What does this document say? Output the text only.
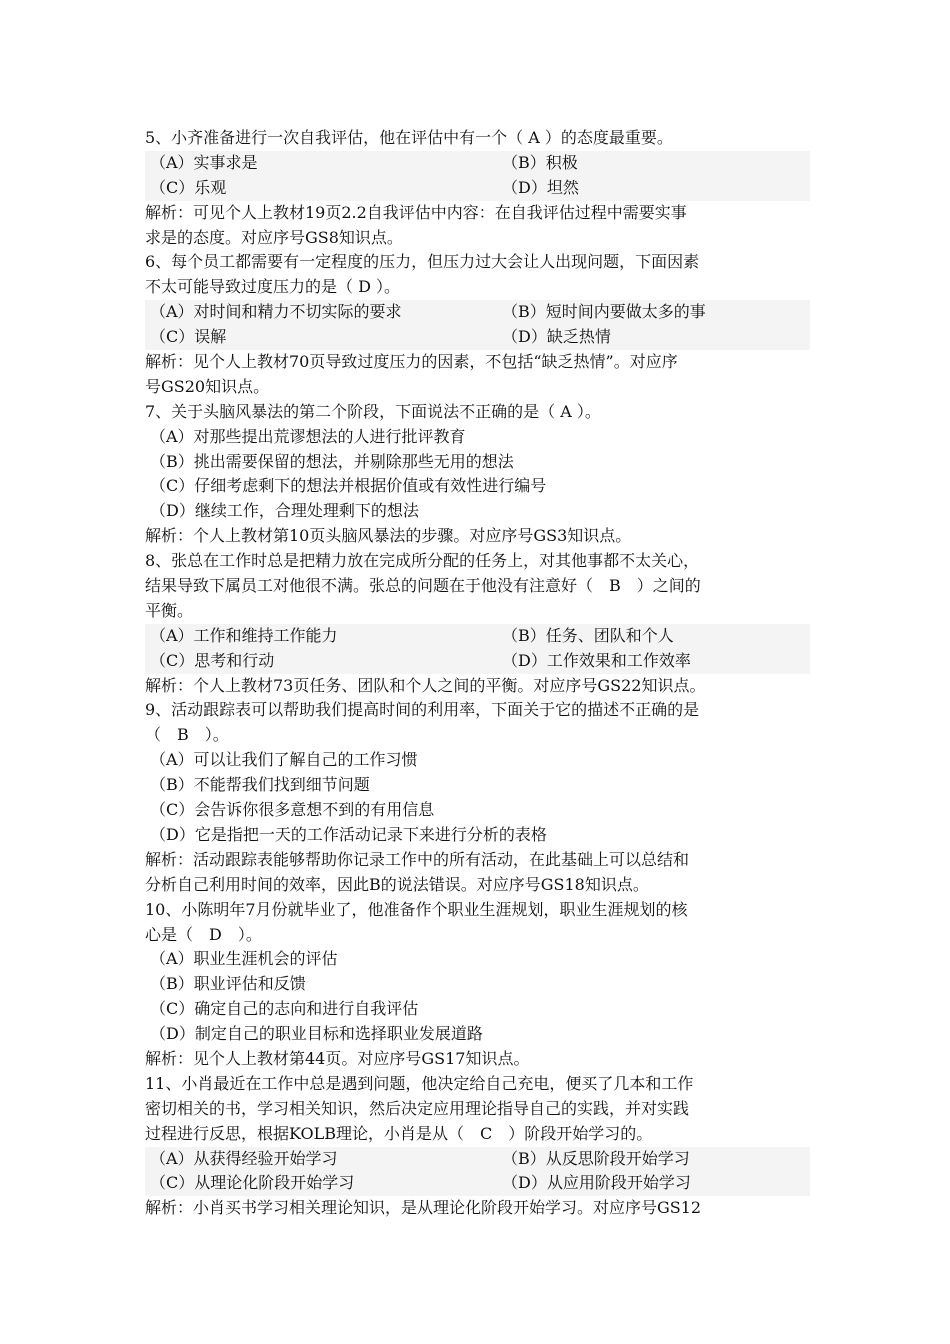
5、小齐准备进行一次自我评估，他在评估中有一个（ A ）的态度最重要。
（A）实事求是	（B）积极
（C）乐观	（D）坦然
解析：可见个人上教材19页2.2自我评估中内容：在自我评估过程中需要实事
求是的态度。对应序号GS8知识点。
6、每个员工都需要有一定程度的压力，但压力过大会让人出现问题，下面因素
不太可能导致过度压力的是（ D ）。
（A）对时间和精力不切实际的要求	（B）短时间内要做太多的事
（C）误解	（D）缺乏热情
解析：见个人上教材70页导致过度压力的因素，不包括“缺乏热情”。对应序
号GS20知识点。
7、关于头脑风暴法的第二个阶段，下面说法不正确的是（ A ）。
（A）对那些提出荒谬想法的人进行批评教育
（B）挑出需要保留的想法，并剔除那些无用的想法
（C）仔细考虑剩下的想法并根据价值或有效性进行编号
（D）继续工作，合理处理剩下的想法
解析：个人上教材第10页头脑风暴法的步骤。对应序号GS3知识点。
8、张总在工作时总是把精力放在完成所分配的任务上，对其他事都不太关心，
结果导致下属员工对他很不满。张总的问题在于他没有注意好（　B　）之间的
平衡。
（A）工作和维持工作能力	（B）任务、团队和个人
（C）思考和行动	（D）工作效果和工作效率
解析：个人上教材73页任务、团队和个人之间的平衡。对应序号GS22知识点。
9、活动跟踪表可以帮助我们提高时间的利用率，下面关于它的描述不正确的是
（　B　）。
（A）可以让我们了解自己的工作习惯
（B）不能帮我们找到细节问题
（C）会告诉你很多意想不到的有用信息
（D）它是指把一天的工作活动记录下来进行分析的表格
解析：活动跟踪表能够帮助你记录工作中的所有活动，在此基础上可以总结和
分析自己利用时间的效率，因此B的说法错误。对应序号GS18知识点。
10、小陈明年7月份就毕业了，他准备作个职业生涯规划，职业生涯规划的核
心是（　D　）。
（A）职业生涯机会的评估
（B）职业评估和反馈
（C）确定自己的志向和进行自我评估
（D）制定自己的职业目标和选择职业发展道路
解析：见个人上教材第44页。对应序号GS17知识点。
11、小肖最近在工作中总是遇到问题，他决定给自己充电，便买了几本和工作
密切相关的书，学习相关知识，然后决定应用理论指导自己的实践，并对实践
过程进行反思，根据KOLB理论，小肖是从（　C　）阶段开始学习的。
（A）从获得经验开始学习	（B）从反思阶段开始学习
（C）从理论化阶段开始学习	（D）从应用阶段开始学习
解析：小肖买书学习相关理论知识，是从理论化阶段开始学习。对应序号GS12
